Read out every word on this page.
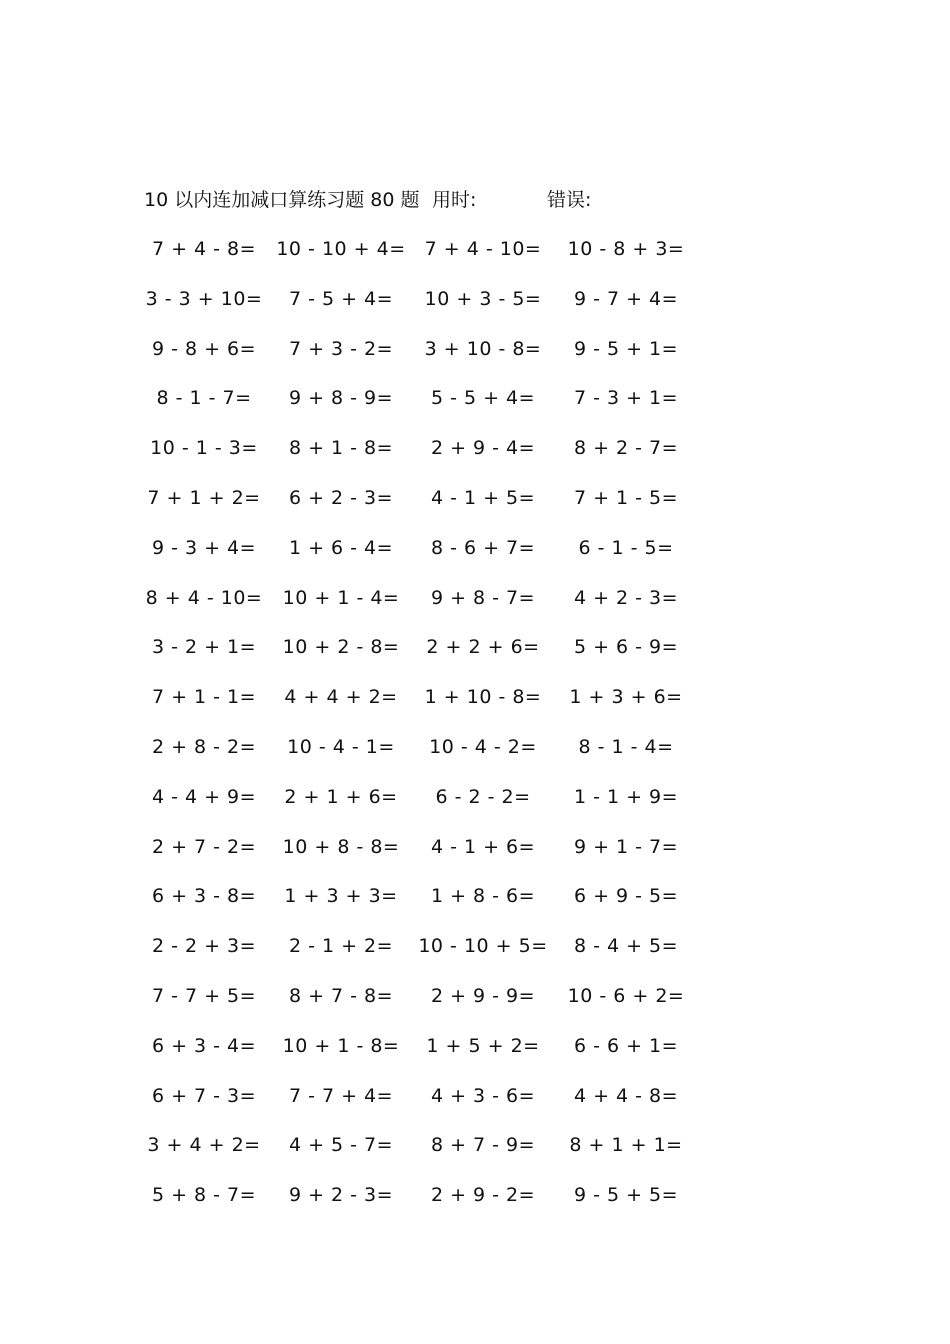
10 以内连加减口算练习题 80 题 用时:	错误:
7 + 4 - 8=	10 - 10 + 4=	7 + 4 - 10=	10 - 8 + 3=
3 - 3 + 10=	7 - 5 + 4=	10 + 3 - 5=	9 - 7 + 4=
9 - 8 + 6=	7 + 3 - 2=	3 + 10 - 8=	9 - 5 + 1=
8 - 1 - 7=	9 + 8 - 9=	5 - 5 + 4=	7 - 3 + 1=
10 - 1 - 3=	8 + 1 - 8=	2 + 9 - 4=	8 + 2 - 7=
7 + 1 + 2=	6 + 2 - 3=	4 - 1 + 5=	7 + 1 - 5=
9 - 3 + 4=	1 + 6 - 4=	8 - 6 + 7=	6 - 1 - 5=
8 + 4 - 10=	10 + 1 - 4=	9 + 8 - 7=	4 + 2 - 3=
3 - 2 + 1=	10 + 2 - 8=	2 + 2 + 6=	5 + 6 - 9=
7 + 1 - 1=	4 + 4 + 2=	1 + 10 - 8=	1 + 3 + 6=
2 + 8 - 2=	10 - 4 - 1=	10 - 4 - 2=	8 - 1 - 4=
4 - 4 + 9=	2 + 1 + 6=	6 - 2 - 2=	1 - 1 + 9=
2 + 7 - 2=	10 + 8 - 8=	4 - 1 + 6=	9 + 1 - 7=
6 + 3 - 8=	1 + 3 + 3=	1 + 8 - 6=	6 + 9 - 5=
2 - 2 + 3=	2 - 1 + 2=	10 - 10 + 5=	8 - 4 + 5=
7 - 7 + 5=	8 + 7 - 8=	2 + 9 - 9=	10 - 6 + 2=
6 + 3 - 4=	10 + 1 - 8=	1 + 5 + 2=	6 - 6 + 1=
6 + 7 - 3=	7 - 7 + 4=	4 + 3 - 6=	4 + 4 - 8=
3 + 4 + 2=	4 + 5 - 7=	8 + 7 - 9=	8 + 1 + 1=
5 + 8 - 7=	9 + 2 - 3=	2 + 9 - 2=	9 - 5 + 5=
